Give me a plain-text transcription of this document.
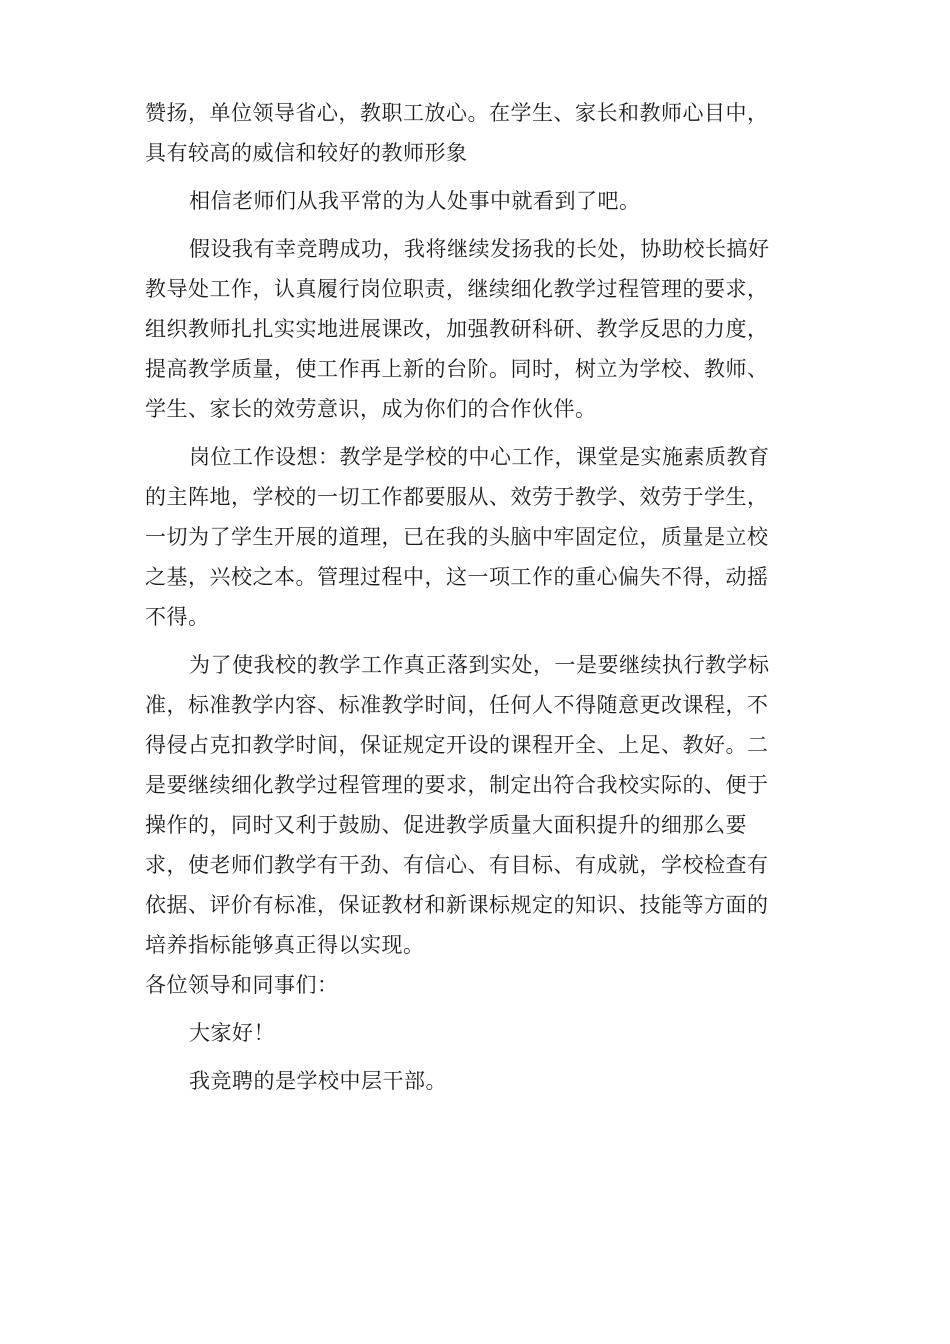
赞扬，单位领导省心，教职工放心。在学生、家长和教师心目中，
具有较高的威信和较好的教师形象
相信老师们从我平常的为人处事中就看到了吧。
假设我有幸竞聘成功，我将继续发扬我的长处，协助校长搞好
教导处工作，认真履行岗位职责，继续细化教学过程管理的要求，
组织教师扎扎实实地进展课改，加强教研科研、教学反思的力度，
提高教学质量，使工作再上新的台阶。同时，树立为学校、教师、
学生、家长的效劳意识，成为你们的合作伙伴。
岗位工作设想：教学是学校的中心工作，课堂是实施素质教育
的主阵地，学校的一切工作都要服从、效劳于教学、效劳于学生，
一切为了学生开展的道理，已在我的头脑中牢固定位，质量是立校
之基，兴校之本。管理过程中，这一项工作的重心偏失不得，动摇
不得。
为了使我校的教学工作真正落到实处，一是要继续执行教学标
准，标准教学内容、标准教学时间，任何人不得随意更改课程，不
得侵占克扣教学时间，保证规定开设的课程开全、上足、教好。二
是要继续细化教学过程管理的要求，制定出符合我校实际的、便于
操作的，同时又利于鼓励、促进教学质量大面积提升的细那么要
求，使老师们教学有干劲、有信心、有目标、有成就，学校检查有
依据、评价有标准，保证教材和新课标规定的知识、技能等方面的
培养指标能够真正得以实现。
各位领导和同事们：
大家好！
我竞聘的是学校中层干部。
